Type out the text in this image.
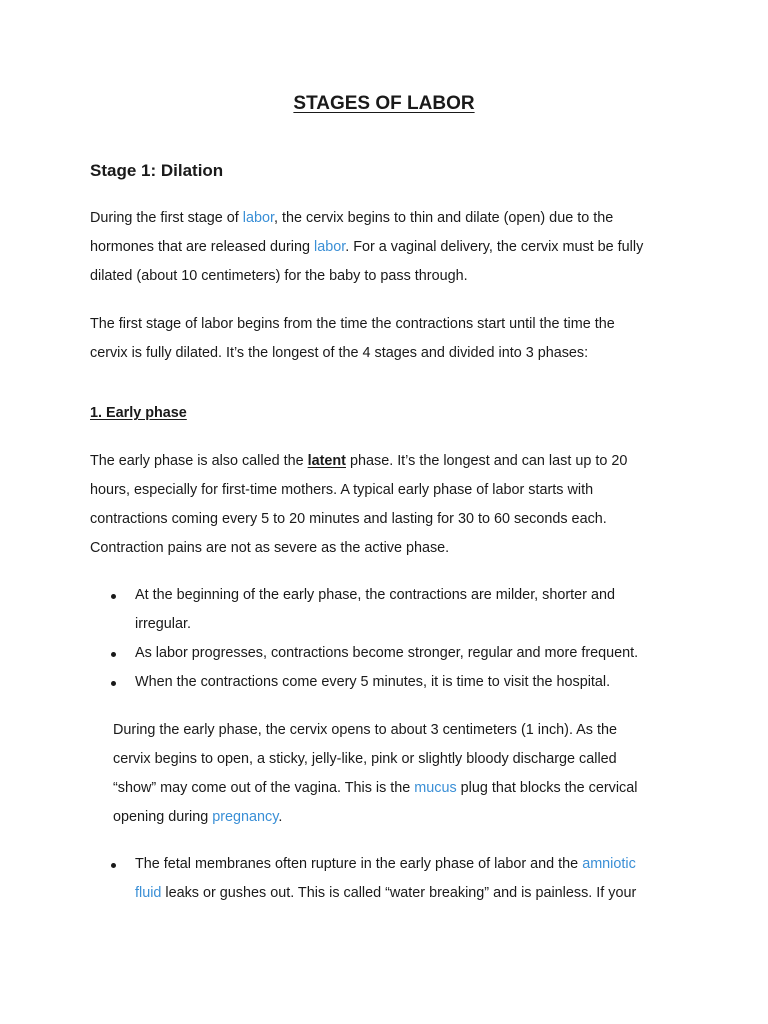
STAGES OF LABOR
Stage 1: Dilation
During the first stage of labor, the cervix begins to thin and dilate (open) due to the
hormones that are released during labor. For a vaginal delivery, the cervix must be fully
dilated (about 10 centimeters) for the baby to pass through.
The first stage of labor begins from the time the contractions start until the time the
cervix is fully dilated. It’s the longest of the 4 stages and divided into 3 phases:
1. Early phase
The early phase is also called the latent phase. It’s the longest and can last up to 20
hours, especially for first-time mothers. A typical early phase of labor starts with
contractions coming every 5 to 20 minutes and lasting for 30 to 60 seconds each.
Contraction pains are not as severe as the active phase.
At the beginning of the early phase, the contractions are milder, shorter and
irregular.
As labor progresses, contractions become stronger, regular and more frequent.
When the contractions come every 5 minutes, it is time to visit the hospital.
During the early phase, the cervix opens to about 3 centimeters (1 inch). As the
cervix begins to open, a sticky, jelly-like, pink or slightly bloody discharge called
“show” may come out of the vagina. This is the mucus plug that blocks the cervical
opening during pregnancy.
The fetal membranes often rupture in the early phase of labor and the amniotic
fluid leaks or gushes out. This is called “water breaking” and is painless. If your
